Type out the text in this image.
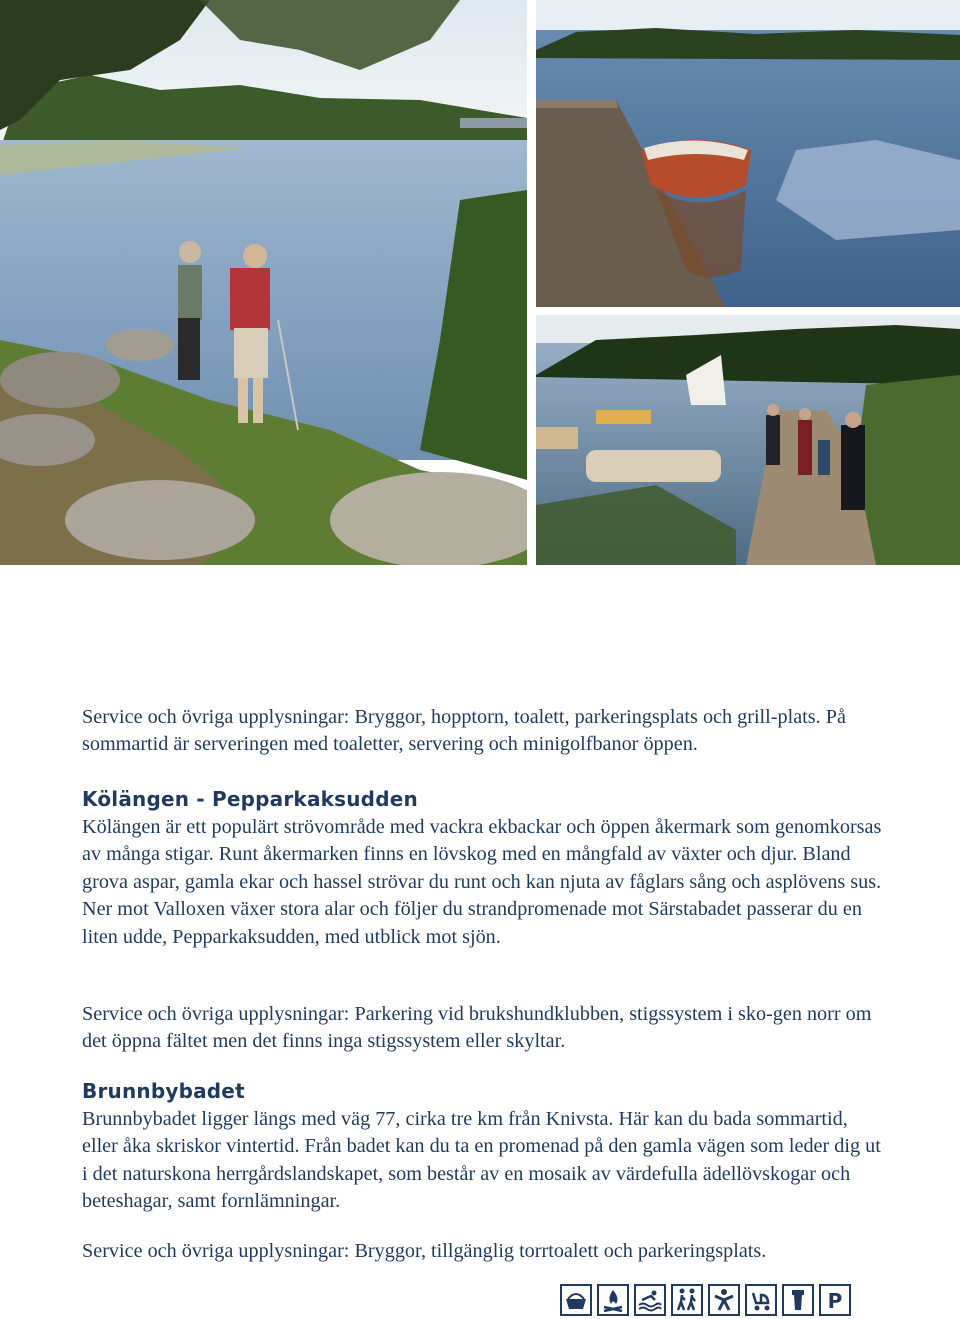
Service och övriga upplysningar: Bryggor, hopptorn, toalett, parkeringsplats och grill-plats. På sommartid är serveringen med toaletter, servering och minigolfbanor öppen.

Kölängen - Pepparkaksudden

Kölängen är ett populärt strövområde med vackra ekbackar och öppen åkermark som genomkorsas av många stigar. Runt åkermarken finns en lövskog med en mångfald av växter och djur. Bland grova aspar, gamla ekar och hassel strövar du runt och kan njuta av fåglars sång och asplövens sus. Ner mot Valloxen växer stora alar och följer du strandpromenade mot Särstabadet passerar du en liten udde, Pepparkaksudden, med utblick mot sjön.

Service och övriga upplysningar: Parkering vid brukshundklubben, stigssystem i sko-gen norr om det öppna fältet men det finns inga stigssystem eller skyltar.

Brunnbybadet

Brunnbybadet ligger längs med väg 77, cirka tre km från Knivsta. Här kan du bada sommartid, eller åka skriskor vintertid. Från badet kan du ta en promenad på den gamla vägen som leder dig ut i det naturskona herrgårdslandskapet, som består av en mosaik av värdefulla ädellövskogar och beteshagar, samt fornlämningar.

Service och övriga upplysningar: Bryggor, tillgänglig torrtoalett och parkeringsplats.

P
